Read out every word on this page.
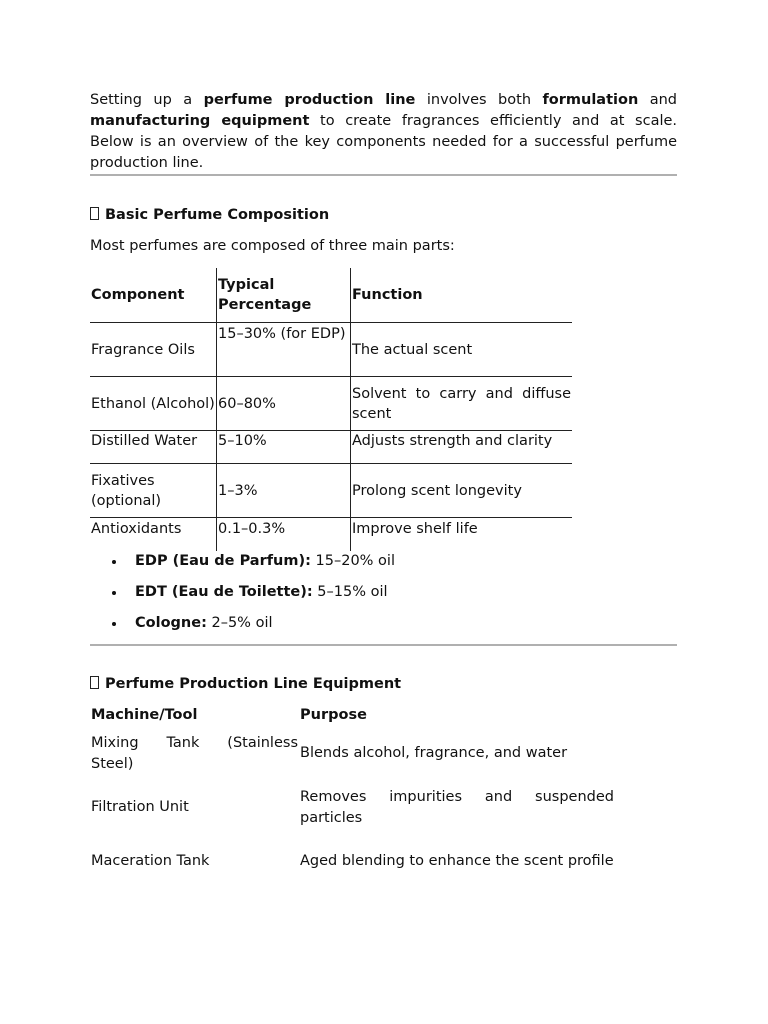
Setting up a perfume production line involves both formulation and manufacturing equipment to create fragrances efficiently and at scale. Below is an overview of the key components needed for a successful perfume production line.

Basic Perfume Composition
Most perfumes are composed of three main parts:
Component	Typical Percentage	Function
Fragrance Oils	15–30% (for EDP)	The actual scent
Ethanol (Alcohol)	60–80%	Solvent to carry and diffuse scent
Distilled Water	5–10%	Adjusts strength and clarity
Fixatives (optional)	1–3%	Prolong scent longevity
Antioxidants	0.1–0.3%	Improve shelf life
EDP (Eau de Parfum): 15–20% oil
EDT (Eau de Toilette): 5–15% oil
Cologne: 2–5% oil
Perfume Production Line Equipment
Machine/Tool	Purpose
Mixing Tank (Stainless Steel)	Blends alcohol, fragrance, and water
Filtration Unit	Removes impurities and suspended particles
Maceration Tank	Aged blending to enhance the scent profile
